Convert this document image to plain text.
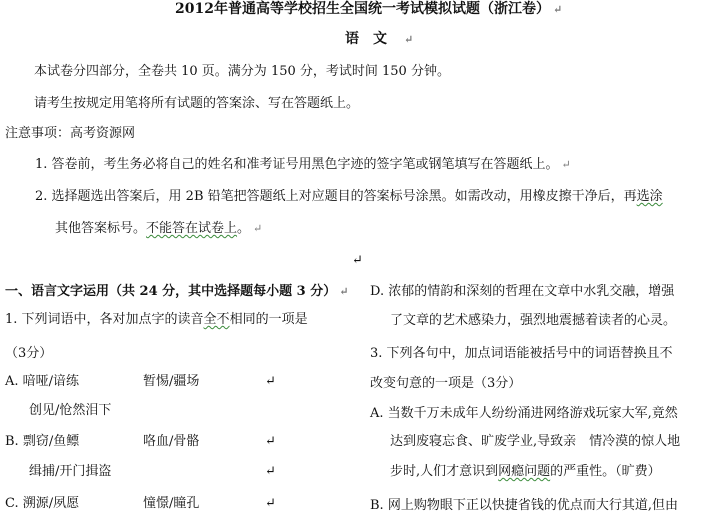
2012年普通高等学校招生全国统一考试模拟试题（浙江卷） ↵
语文 ↵
本试卷分四部分，全卷共 10 页。满分为 150 分，考试时间 150 分钟。
请考生按规定用笔将所有试题的答案涂、写在答题纸上。
注意事项：高考资源网
1. 答卷前，考生务必将自己的姓名和准考证号用黑色字迹的签字笔或钢笔填写在答题纸上。 ↵
2. 选择题选出答案后，用 2B 铅笔把答题纸上对应题目的答案标号涂黑。如需改动，用橡皮擦干净后，再选涂
其他答案标号。不能答在试卷上。 ↵
↵
一、语言文字运用（共 24 分，其中选择题每小题 3 分） ↵
1. 下列词语中，各对加点字的读音全不相同的一项是
（3分）
A. 喑哑/谙练	暂惕/疆场	↵
创见/怆然泪下
B. 剽窃/鱼鳔	咯血/骨骼	↵
缉捕/开门揖盗	↵
C. 溯源/夙愿	憧憬/瞳孔	↵
D. 浓郁的情韵和深刻的哲理在文章中水乳交融，增强
了文章的艺术感染力，强烈地震撼着读者的心灵。
3. 下列各句中，加点词语能被括号中的词语替换且不
改变句意的一项是（3分）
A. 当数千万未成年人纷纷涌进网络游戏玩家大军,竟然
达到废寝忘食、旷废学业,导致亲　情冷漠的惊人地
步时,人们才意识到网瘾问题的严重性。（旷费）
B. 网上购物眼下正以快捷省钱的优点而大行其道,但由
